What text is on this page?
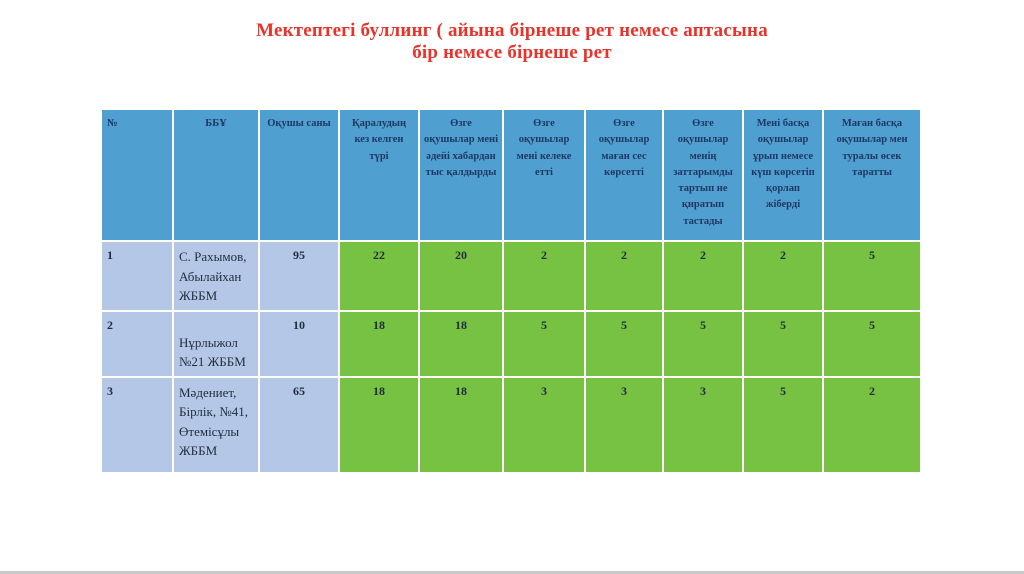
Мектептегі буллинг ( айына бірнеше рет немесе аптасына
бір немесе бірнеше рет
№	ББҰ	Оқушы саны	Қаралудың кез келген түрі	Өзге оқушылар мені әдейі хабардан тыс қалдырды	Өзге оқушылар мені келеке етті	Өзге оқушылар маған сес көрсетті	Өзге оқушылар менің заттарымды тартып не қиратып тастады	Мені басқа оқушылар ұрып немесе күш көрсетіп қорлап жіберді	Маған басқа оқушылар мен туралы өсек таратты
1	С. Рахымов, Абылайхан ЖББМ	95	22	20	2	2	2	2	5
2	Нұрлыжол №21 ЖББМ	10	18	18	5	5	5	5	5
3	Мәдениет, Бірлік, №41, Өтемісұлы ЖББМ	65	18	18	3	3	3	5	2
